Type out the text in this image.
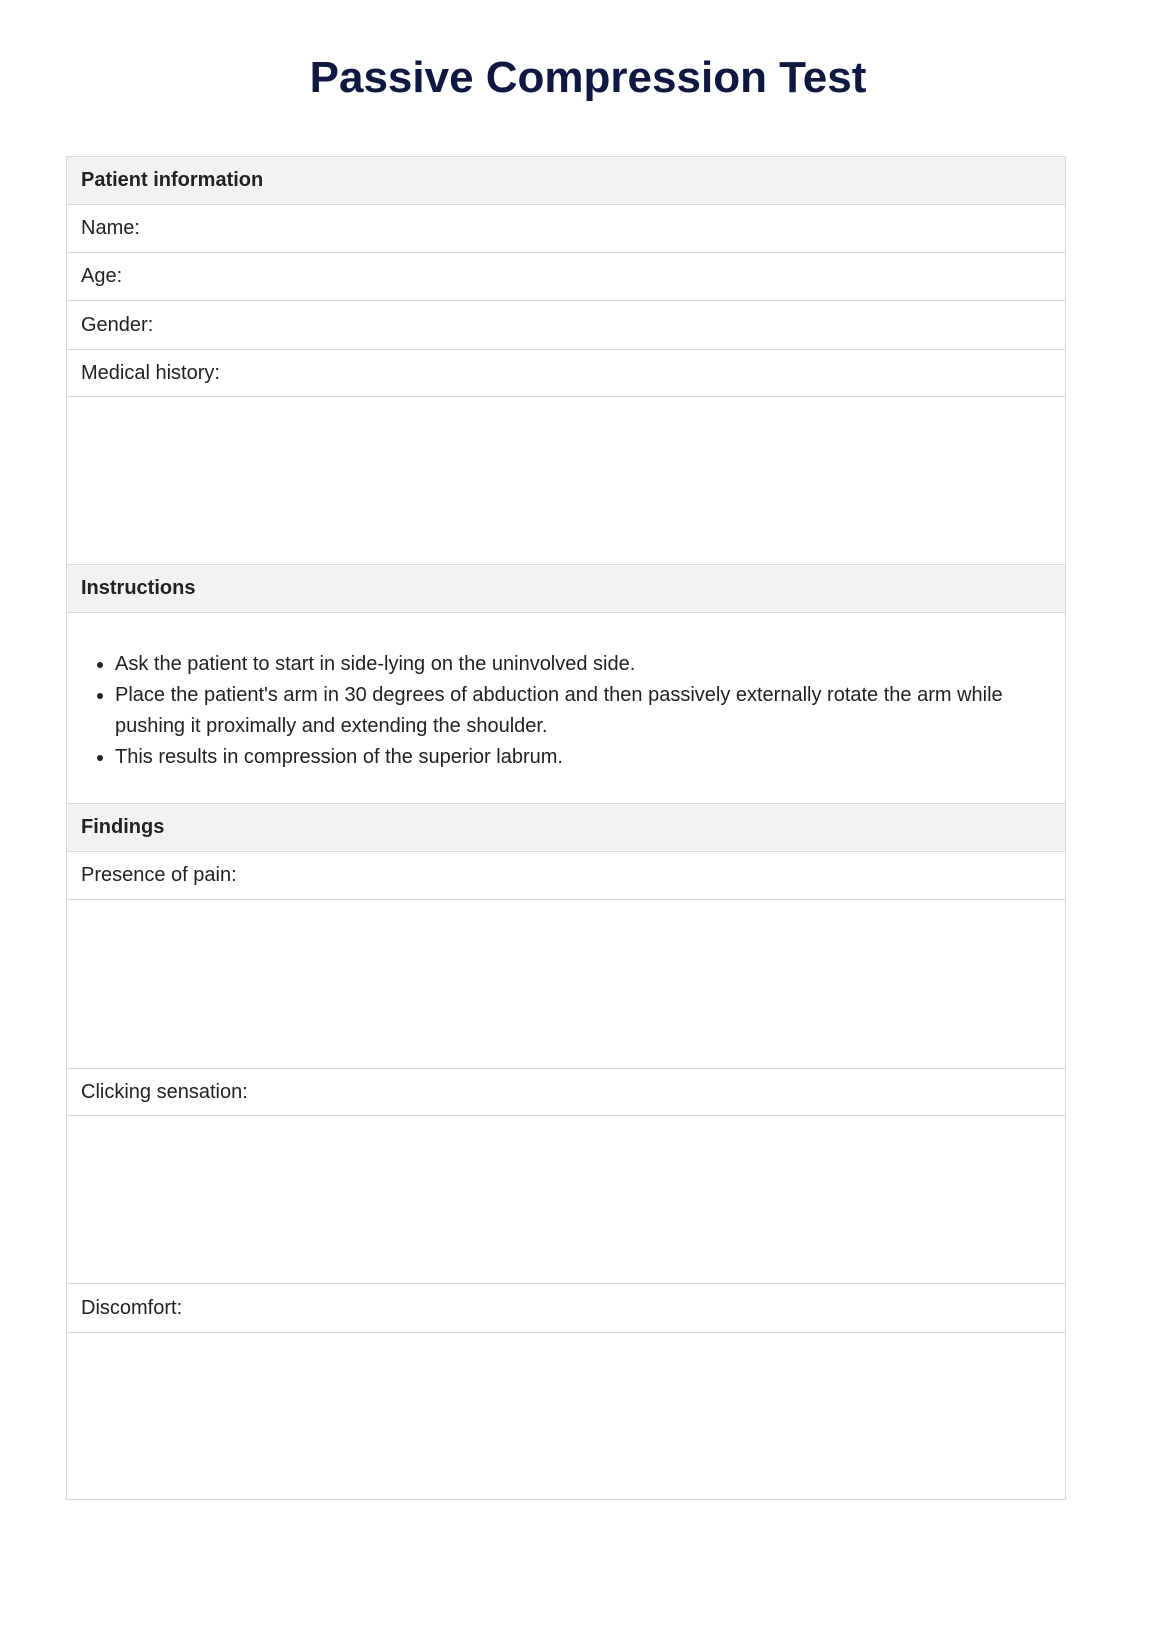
Passive Compression Test
Patient information
Name:
Age:
Gender:
Medical history:
Instructions
• Ask the patient to start in side-lying on the uninvolved side.
• Place the patient's arm in 30 degrees of abduction and then passively externally rotate the arm while pushing it proximally and extending the shoulder.
• This results in compression of the superior labrum.
Findings
Presence of pain:
Clicking sensation:
Discomfort:
